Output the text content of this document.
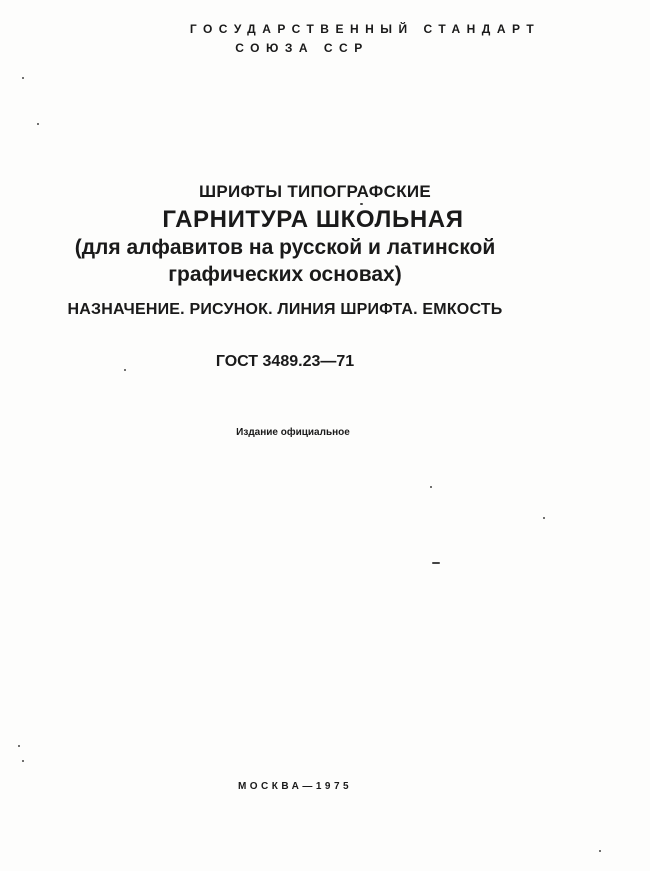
ГОСУДАРСТВЕННЫЙ СТАНДАРТ
СОЮЗА ССР
ШРИФТЫ ТИПОГРАФСКИЕ
ГАРНИТУРА ШКОЛЬНАЯ
(для алфавитов на русской и латинской
графических основах)
НАЗНАЧЕНИЕ. РИСУНОК. ЛИНИЯ ШРИФТА. ЕМКОСТЬ
ГОСТ 3489.23—71
Издание официальное
МОСКВА—1975
